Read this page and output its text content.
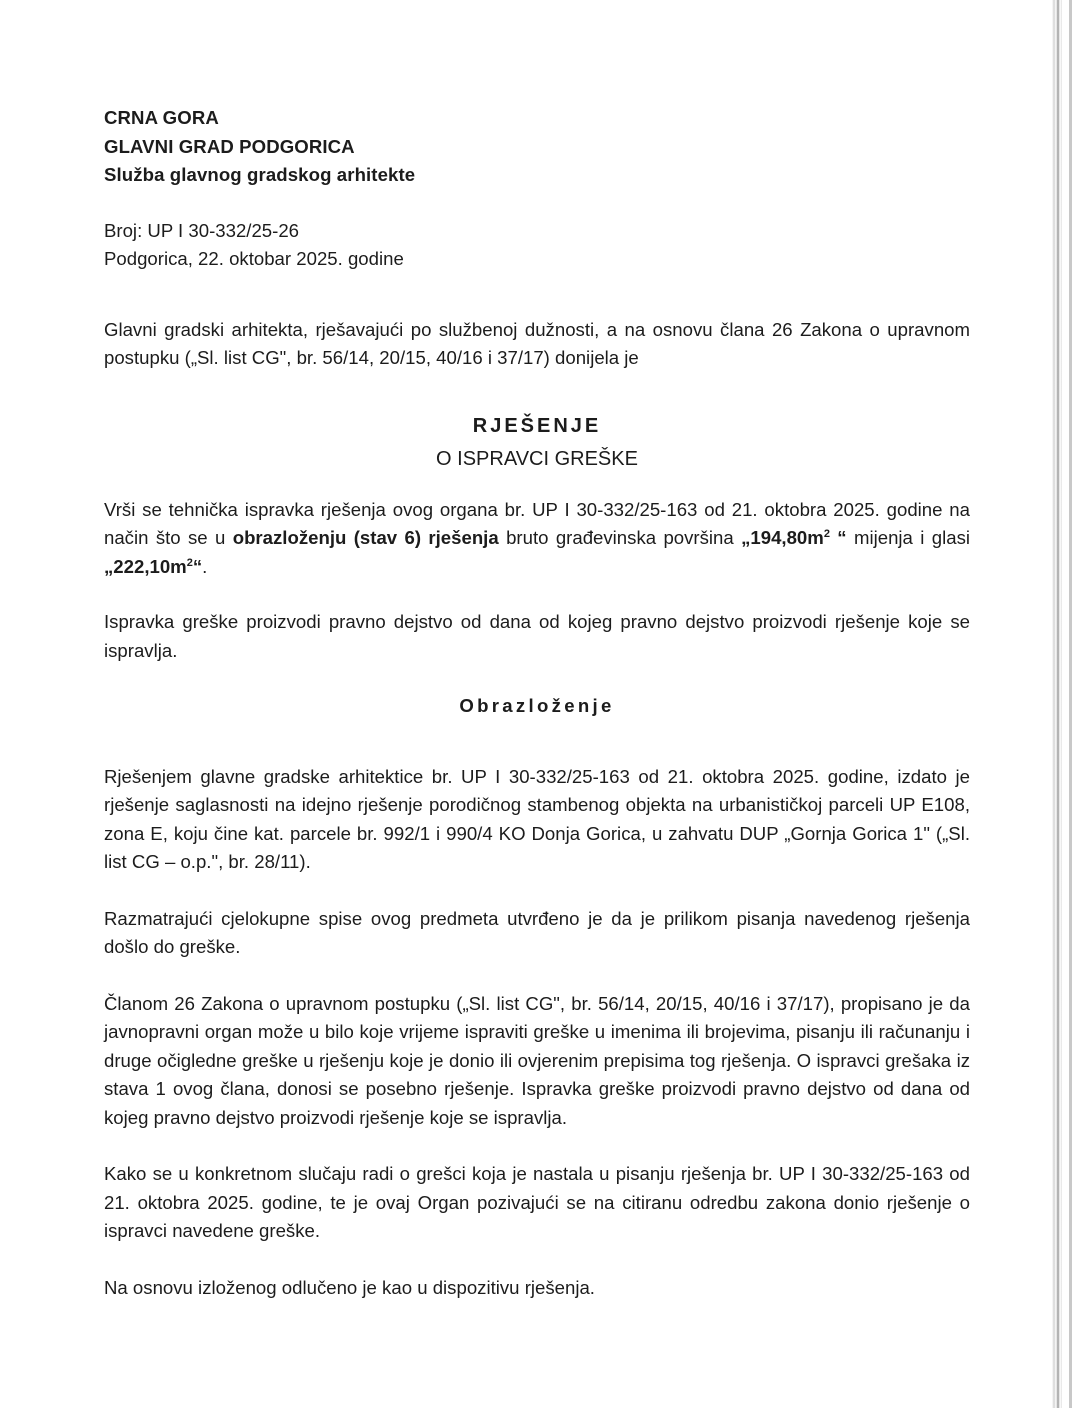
CRNA GORA
GLAVNI GRAD PODGORICA
Služba glavnog gradskog arhitekte
Broj: UP I 30-332/25-26
Podgorica, 22. oktobar 2025. godine

Glavni gradski arhitekta, rješavajući po službenoj dužnosti, a na osnovu člana 26 Zakona o upravnom postupku („Sl. list CG", br. 56/14, 20/15, 40/16 i 37/17) donijela je

RJEŠENJE
O ISPRAVCI GREŠKE

Vrši se tehnička ispravka rješenja ovog organa br. UP I 30-332/25-163 od 21. oktobra 2025. godine na način što se u obrazloženju (stav 6) rješenja bruto građevinska površina $„194,80m^2$ “ mijenja i glasi $„222,10m^2“$.

Ispravka greške proizvodi pravno dejstvo od dana od kojeg pravno dejstvo proizvodi rješenje koje se ispravlja.

Obrazloženje

Rješenjem glavne gradske arhitektice br. UP I 30-332/25-163 od 21. oktobra 2025. godine, izdato je rješenje saglasnosti na idejno rješenje porodičnog stambenog objekta na urbanističkoj parceli UP E108, zona E, koju čine kat. parcele br. 992/1 i 990/4 KO Donja Gorica, u zahvatu DUP „Gornja Gorica 1" („Sl. list CG – o.p.", br. 28/11).

Razmatrajući cjelokupne spise ovog predmeta utvrđeno je da je prilikom pisanja navedenog rješenja došlo do greške.

Članom 26 Zakona o upravnom postupku („Sl. list CG", br. 56/14, 20/15, 40/16 i 37/17), propisano je da javnopravni organ može u bilo koje vrijeme ispraviti greške u imenima ili brojevima, pisanju ili računanju i druge očigledne greške u rješenju koje je donio ili ovjerenim prepisima tog rješenja. O ispravci grešaka iz stava 1 ovog člana, donosi se posebno rješenje. Ispravka greške proizvodi pravno dejstvo od dana od kojeg pravno dejstvo proizvodi rješenje koje se ispravlja.

Kako se u konkretnom slučaju radi o grešci koja je nastala u pisanju rješenja br. UP I 30-332/25-163 od 21. oktobra 2025. godine, te je ovaj Organ pozivajući se na citiranu odredbu zakona donio rješenje o ispravci navedene greške.

Na osnovu izloženog odlučeno je kao u dispozitivu rješenja.
